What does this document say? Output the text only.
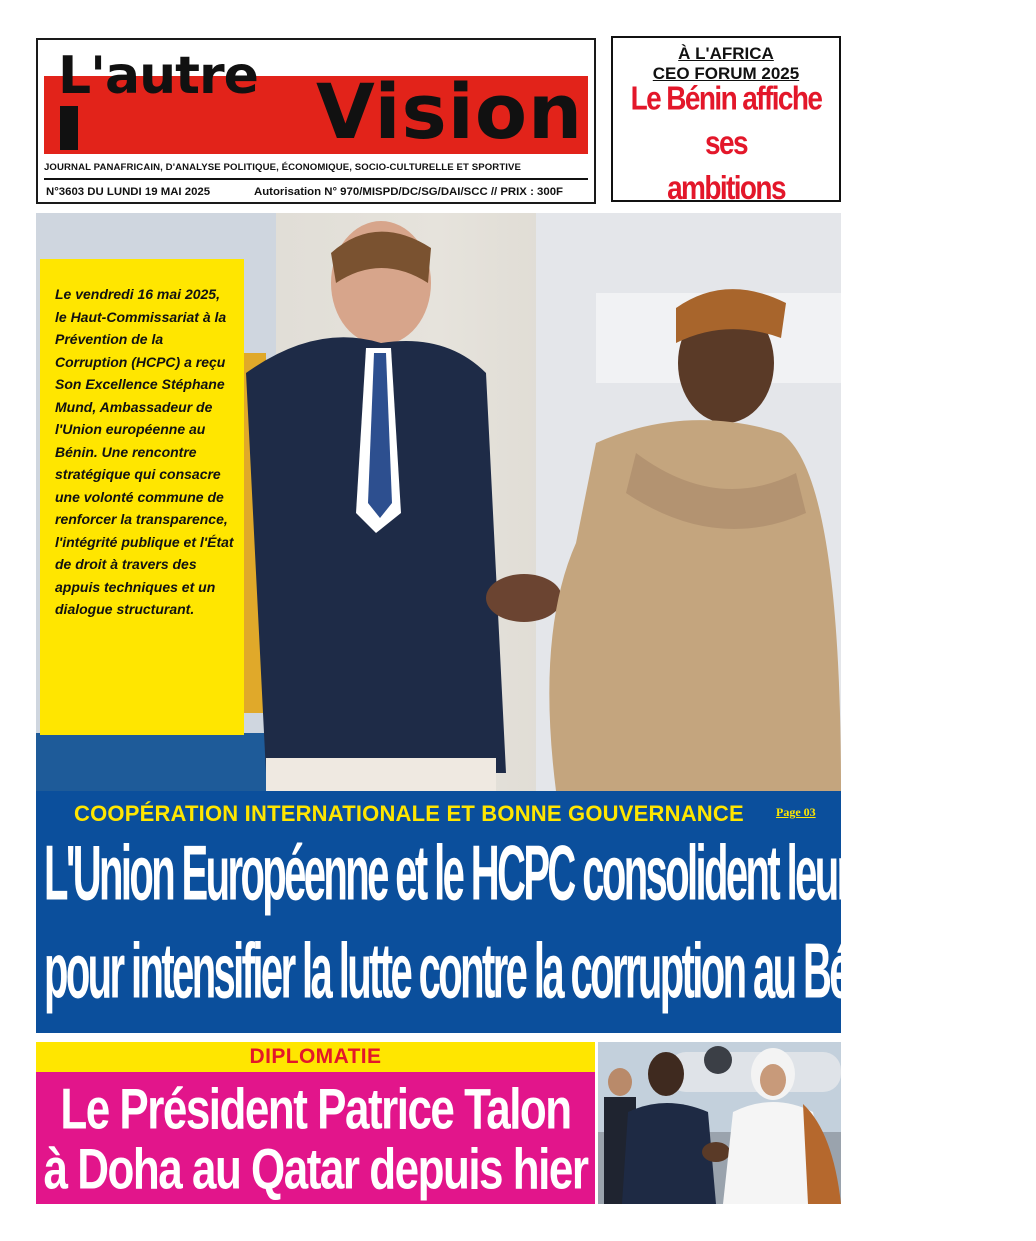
L'autre Vision
JOURNAL PANAFRICAIN, D'ANALYSE POLITIQUE, ÉCONOMIQUE, SOCIO-CULTURELLE ET SPORTIVE
N°3603 DU LUNDI 19 MAI 2025	Autorisation N° 970/MISPD/DC/SG/DAI/SCC // PRIX : 300F
À L'AFRICA
CEO FORUM 2025
Le Bénin affiche ses
ambitions

Le vendredi 16 mai 2025, le Haut-Commissariat à la Prévention de la Corruption (HCPC) a reçu Son Excellence Stéphane Mund, Ambassadeur de l'Union européenne au Bénin. Une rencontre stratégique qui consacre une volonté commune de renforcer la transparence, l'intégrité publique et l'État de droit à travers des appuis techniques et un dialogue structurant.

COOPÉRATION INTERNATIONALE ET BONNE GOUVERNANCE	Page 03
L'Union Européenne et le HCPC consolident leur partenariat
pour intensifier la lutte contre la corruption au Bénin
DIPLOMATIE
Le Président Patrice Talon
à Doha au Qatar depuis hier
